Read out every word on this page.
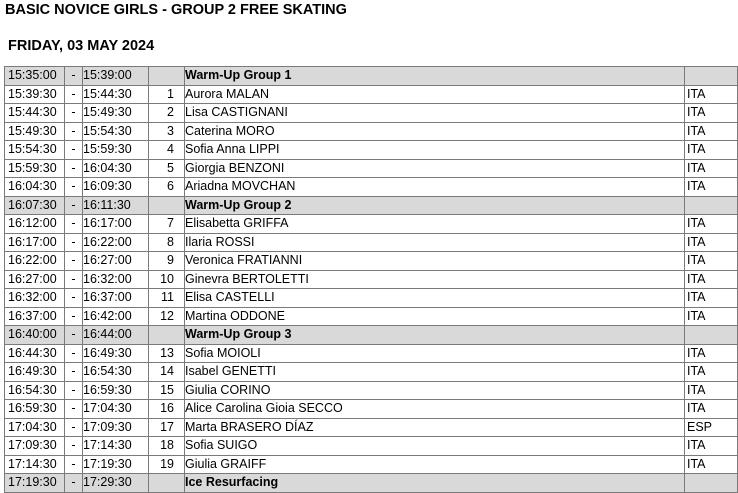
BASIC NOVICE GIRLS - GROUP 2 FREE SKATING
FRIDAY, 03 MAY 2024
15:35:00	-	15:39:00		Warm-Up Group 1	
15:39:30	-	15:44:30	1	Aurora MALAN	ITA
15:44:30	-	15:49:30	2	Lisa CASTIGNANI	ITA
15:49:30	-	15:54:30	3	Caterina MORO	ITA
15:54:30	-	15:59:30	4	Sofia Anna LIPPI	ITA
15:59:30	-	16:04:30	5	Giorgia BENZONI	ITA
16:04:30	-	16:09:30	6	Ariadna MOVCHAN	ITA
16:07:30	-	16:11:30		Warm-Up Group 2	
16:12:00	-	16:17:00	7	Elisabetta GRIFFA	ITA
16:17:00	-	16:22:00	8	Ilaria ROSSI	ITA
16:22:00	-	16:27:00	9	Veronica FRATIANNI	ITA
16:27:00	-	16:32:00	10	Ginevra BERTOLETTI	ITA
16:32:00	-	16:37:00	11	Elisa CASTELLI	ITA
16:37:00	-	16:42:00	12	Martina ODDONE	ITA
16:40:00	-	16:44:00		Warm-Up Group 3	
16:44:30	-	16:49:30	13	Sofia MOIOLI	ITA
16:49:30	-	16:54:30	14	Isabel GENETTI	ITA
16:54:30	-	16:59:30	15	Giulia CORINO	ITA
16:59:30	-	17:04:30	16	Alice Carolina Gioia SECCO	ITA
17:04:30	-	17:09:30	17	Marta BRASERO DÍAZ	ESP
17:09:30	-	17:14:30	18	Sofia SUIGO	ITA
17:14:30	-	17:19:30	19	Giulia GRAIFF	ITA
17:19:30	-	17:29:30		Ice Resurfacing	
